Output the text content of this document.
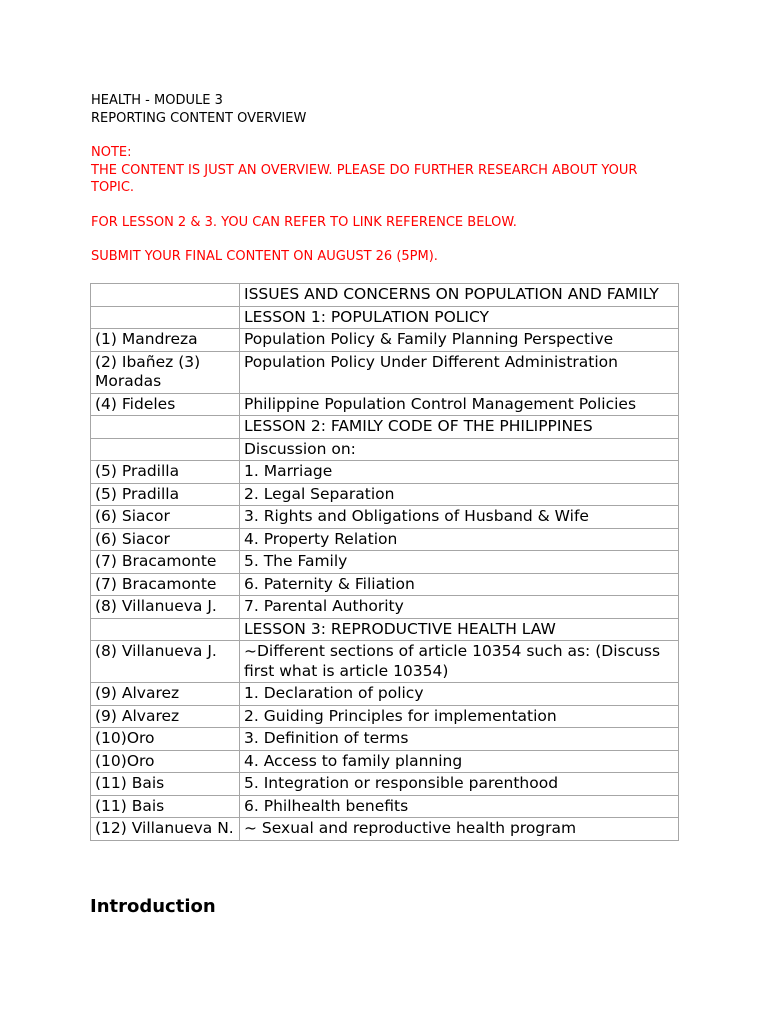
HEALTH - MODULE 3
REPORTING CONTENT OVERVIEW
NOTE:
THE CONTENT IS JUST AN OVERVIEW. PLEASE DO FURTHER RESEARCH ABOUT YOUR TOPIC.
FOR LESSON 2 & 3. YOU CAN REFER TO LINK REFERENCE BELOW.
SUBMIT YOUR FINAL CONTENT ON AUGUST 26 (5PM).
	ISSUES AND CONCERNS ON POPULATION AND FAMILY
	LESSON 1: POPULATION POLICY
(1) Mandreza	Population Policy & Family Planning Perspective
(2) Ibañez (3) Moradas	Population Policy Under Different Administration
(4) Fideles	Philippine Population Control Management Policies
	LESSON 2: FAMILY CODE OF THE PHILIPPINES
	Discussion on:
(5) Pradilla	1. Marriage
(5) Pradilla	2. Legal Separation
(6) Siacor	3. Rights and Obligations of Husband & Wife
(6) Siacor	4. Property Relation
(7) Bracamonte	5. The Family
(7) Bracamonte	6. Paternity & Filiation
(8) Villanueva J.	7. Parental Authority
	LESSON 3: REPRODUCTIVE HEALTH LAW
(8) Villanueva J.	~Different sections of article 10354 such as: (Discuss first what is article 10354)
(9) Alvarez	1. Declaration of policy
(9) Alvarez	2. Guiding Principles for implementation
(10)Oro	3. Definition of terms
(10)Oro	4. Access to family planning
(11) Bais	5. Integration or responsible parenthood
(11) Bais	6. Philhealth benefits
(12) Villanueva N.	~ Sexual and reproductive health program
Introduction
